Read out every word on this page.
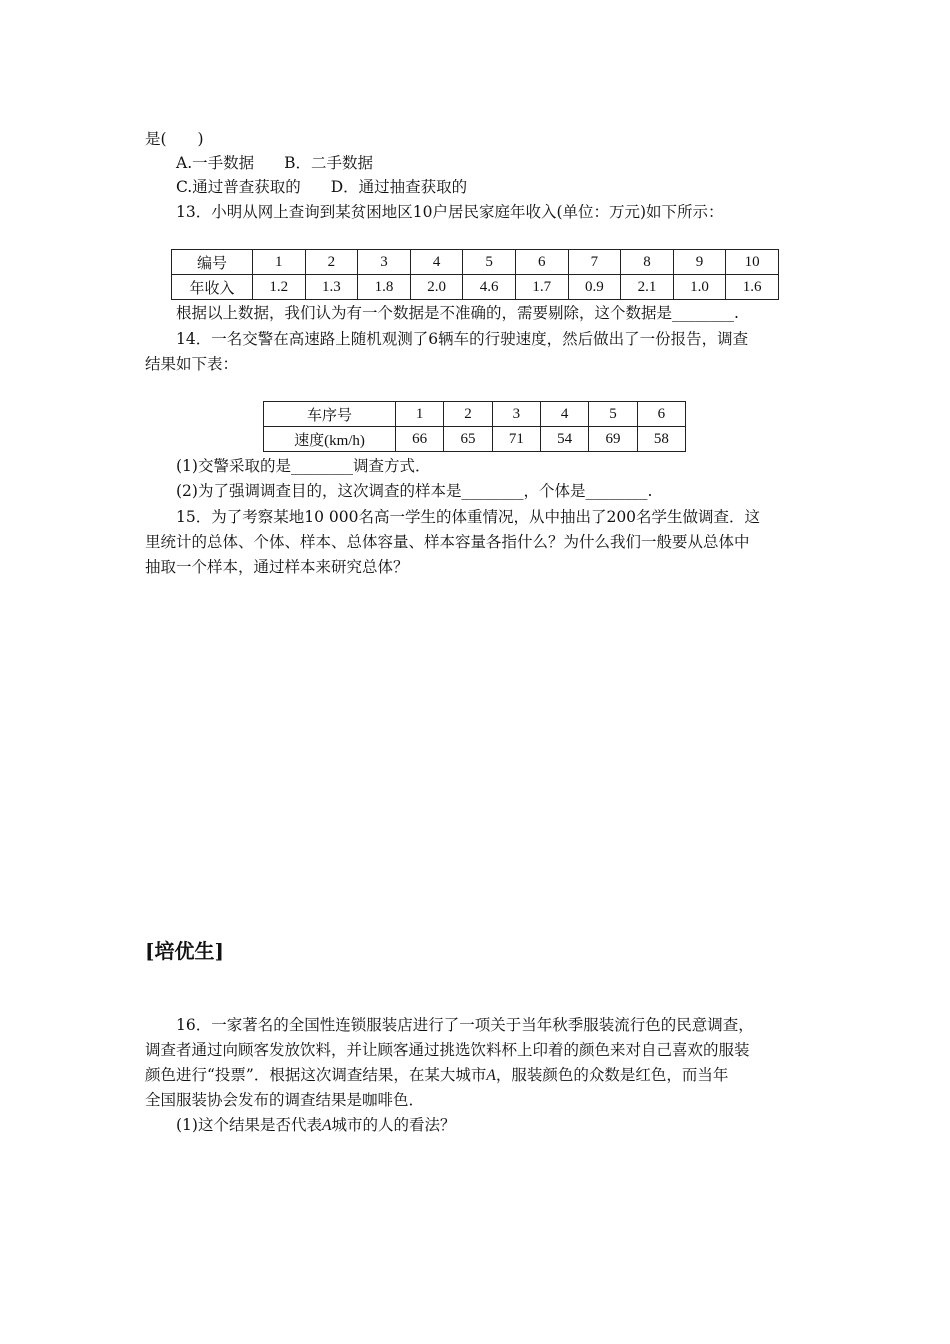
是(　　)
A.一手数据 B．二手数据
C.通过普查获取的 D．通过抽查获取的
13．小明从网上查询到某贫困地区10户居民家庭年收入(单位：万元)如下所示：
编号	1	2	3	4	5	6	7	8	9	10
年收入	1.2	1.3	1.8	2.0	4.6	1.7	0.9	2.1	1.0	1.6
根据以上数据，我们认为有一个数据是不准确的，需要剔除，这个数据是________.
14．一名交警在高速路上随机观测了6辆车的行驶速度，然后做出了一份报告，调查
结果如下表：
车序号	1	2	3	4	5	6
速度(km/h)	66	65	71	54	69	58
(1)交警采取的是________调查方式．
(2)为了强调调查目的，这次调查的样本是________，个体是________.
15．为了考察某地10 000名高一学生的体重情况，从中抽出了200名学生做调查．这
里统计的总体、个体、样本、总体容量、样本容量各指什么？为什么我们一般要从总体中
抽取一个样本，通过样本来研究总体？
[培优生]
16．一家著名的全国性连锁服装店进行了一项关于当年秋季服装流行色的民意调查，
调查者通过向顾客发放饮料，并让顾客通过挑选饮料杯上印着的颜色来对自己喜欢的服装
颜色进行“投票”．根据这次调查结果，在某大城市A，服装颜色的众数是红色，而当年
全国服装协会发布的调查结果是咖啡色．
(1)这个结果是否代表A城市的人的看法？
